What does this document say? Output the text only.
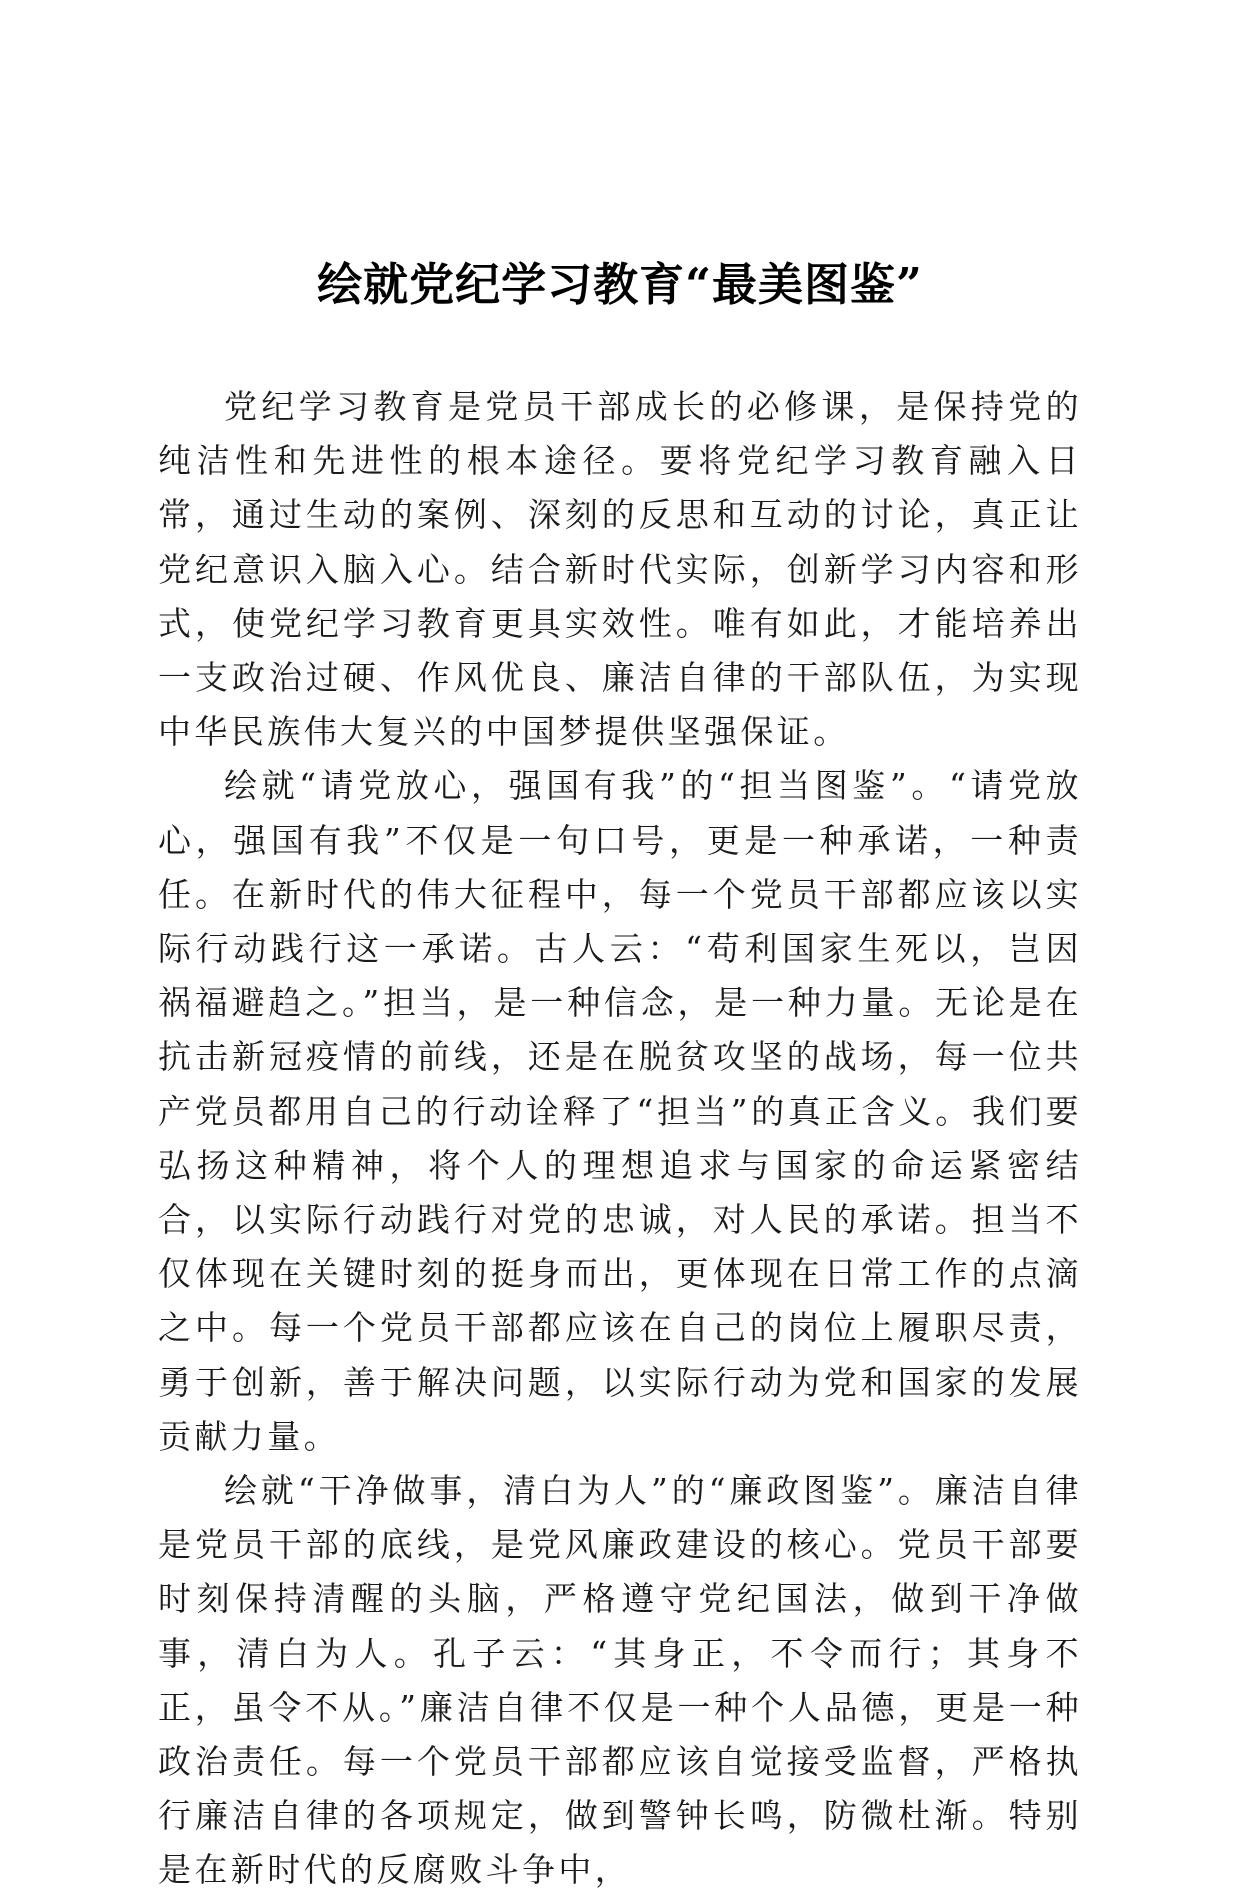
绘就党纪学习教育“最美图鉴”

党纪学习教育是党员干部成长的必修课，是保持党的纯洁性和先进性的根本途径。要将党纪学习教育融入日常，通过生动的案例、深刻的反思和互动的讨论，真正让党纪意识入脑入心。结合新时代实际，创新学习内容和形式，使党纪学习教育更具实效性。唯有如此，才能培养出一支政治过硬、作风优良、廉洁自律的干部队伍，为实现中华民族伟大复兴的中国梦提供坚强保证。

绘就“请党放心，强国有我”的“担当图鉴”。“请党放心，强国有我”不仅是一句口号，更是一种承诺，一种责任。在新时代的伟大征程中，每一个党员干部都应该以实际行动践行这一承诺。古人云：“苟利国家生死以，岂因祸福避趋之。”担当，是一种信念，是一种力量。无论是在抗击新冠疫情的前线，还是在脱贫攻坚的战场，每一位共产党员都用自己的行动诠释了“担当”的真正含义。我们要弘扬这种精神，将个人的理想追求与国家的命运紧密结合，以实际行动践行对党的忠诚，对人民的承诺。担当不仅体现在关键时刻的挺身而出，更体现在日常工作的点滴之中。每一个党员干部都应该在自己的岗位上履职尽责，勇于创新，善于解决问题，以实际行动为党和国家的发展贡献力量。

绘就“干净做事，清白为人”的“廉政图鉴”。廉洁自律是党员干部的底线，是党风廉政建设的核心。党员干部要时刻保持清醒的头脑，严格遵守党纪国法，做到干净做事，清白为人。孔子云：“其身正，不令而行；其身不正，虽令不从。”廉洁自律不仅是一种个人品德，更是一种政治责任。每一个党员干部都应该自觉接受监督，严格执行廉洁自律的各项规定，做到警钟长鸣，防微杜渐。特别是在新时代的反腐败斗争中，
